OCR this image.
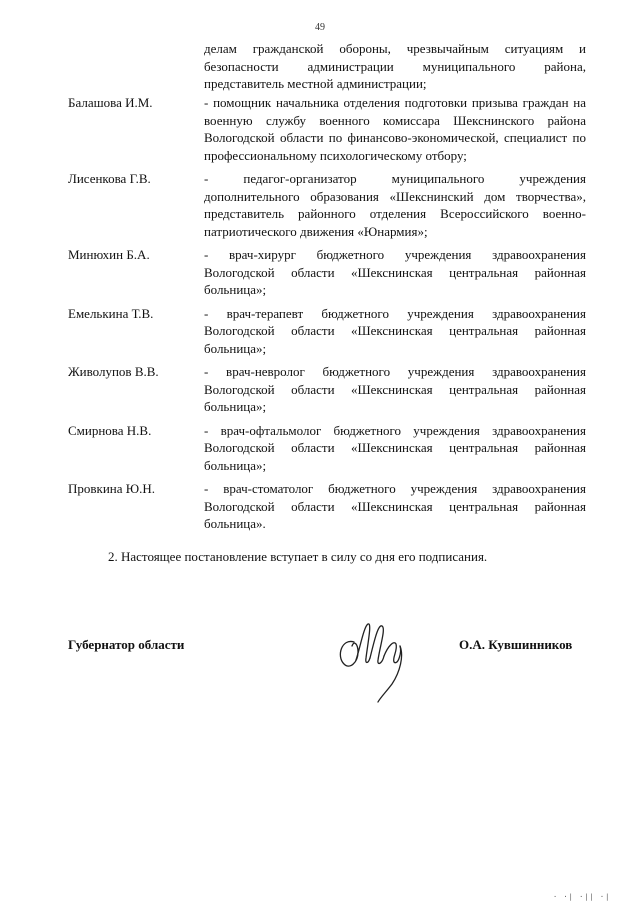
49
делам гражданской обороны, чрезвычайным ситуациям и безопасности администрации муниципального района, представитель местной администрации;
Балашова И.М.	- помощник начальника отделения подготовки призыва граждан на военную службу военного комиссара Шекснинского района Вологодской области по финансово-экономической, специалист по профессиональному психологическому отбору;
Лисенкова Г.В.	- педагог-организатор муниципального учреждения дополнительного образования «Шекснинский дом творчества», представитель районного отделения Всероссийского военно-патриотического движения «Юнармия»;
Минюхин Б.А.	- врач-хирург бюджетного учреждения здравоохранения Вологодской области «Шекснинская центральная районная больница»;
Емелькина Т.В.	- врач-терапевт бюджетного учреждения здравоохранения Вологодской области «Шекснинская центральная районная больница»;
Живолупов В.В.	- врач-невролог бюджетного учреждения здравоохранения Вологодской области «Шекснинская центральная районная больница»;
Смирнова Н.В.	- врач-офтальмолог бюджетного учреждения здравоохранения Вологодской области «Шекснинская центральная районная больница»;
Провкина Ю.Н.	- врач-стоматолог бюджетного учреждения здравоохранения Вологодской области «Шекснинская центральная районная больница».
2. Настоящее постановление вступает в силу со дня его подписания.
Губернатор области	О.А. Кувшинников
· ·| ·|| ·|
